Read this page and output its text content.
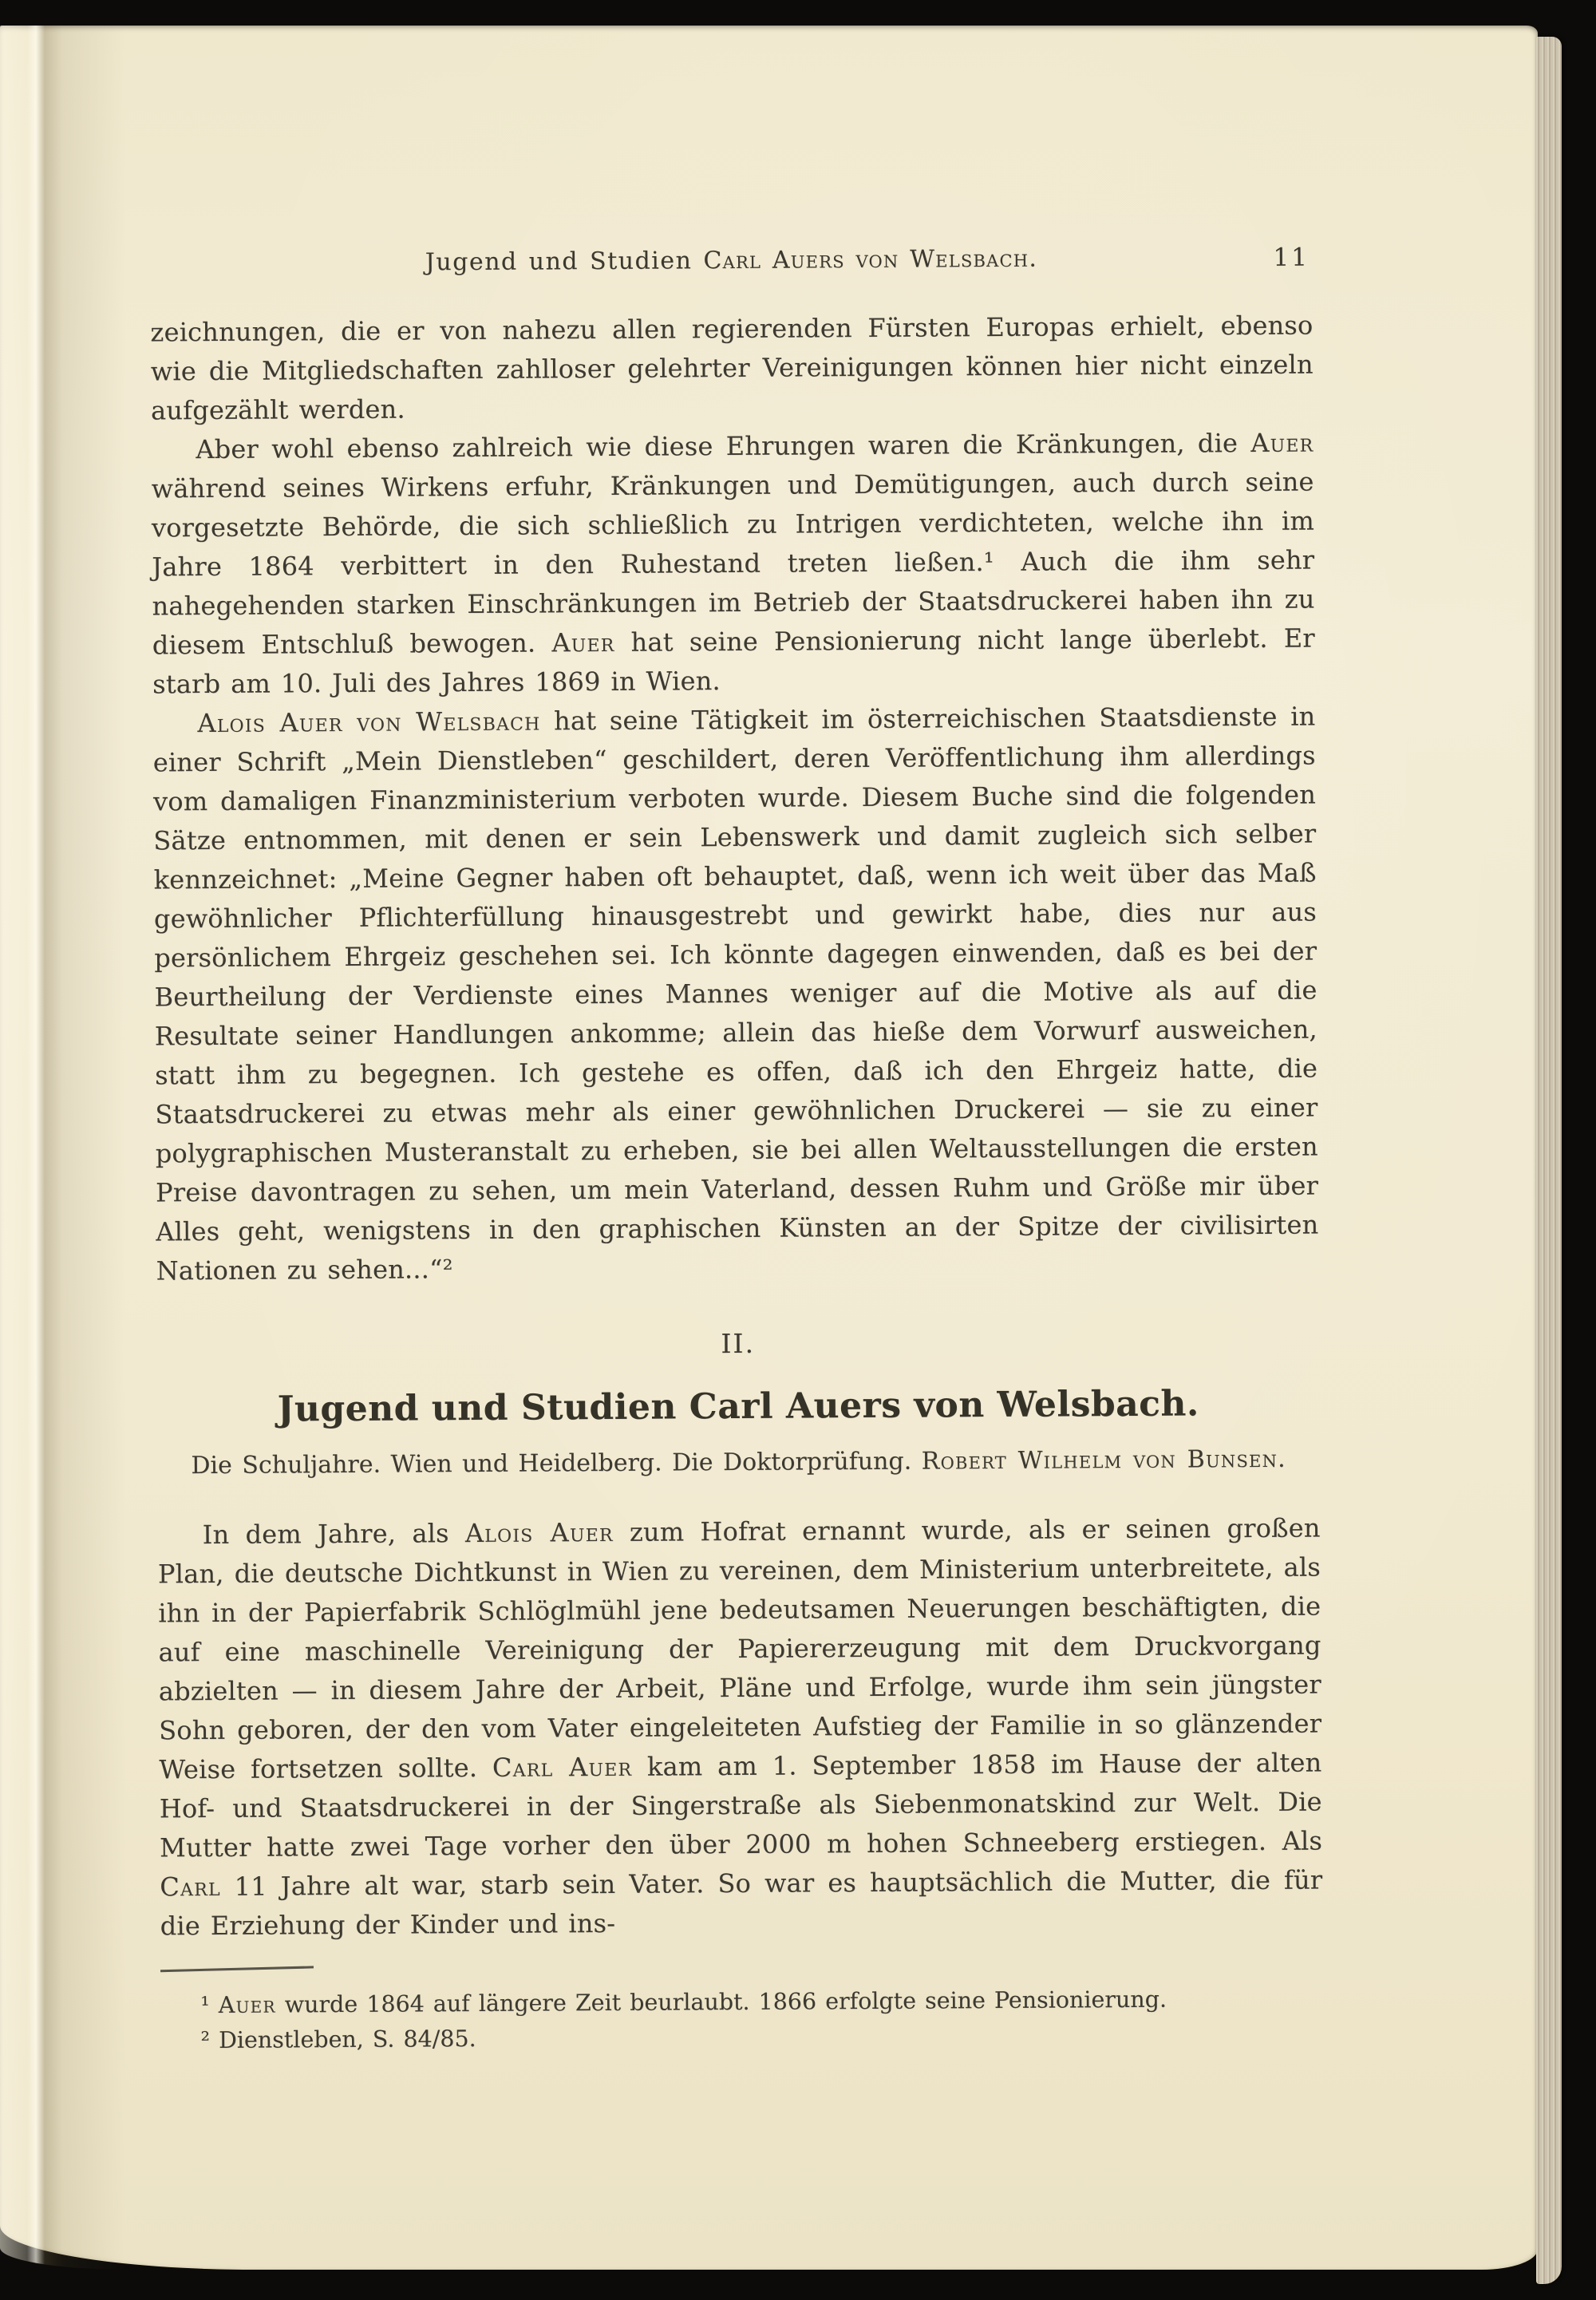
Jugend und Studien Carl Auers von Welsbach.	11

zeichnungen, die er von nahezu allen regierenden Fürsten Europas erhielt, ebenso wie die Mitgliedschaften zahlloser gelehrter Vereinigungen können hier nicht einzeln aufgezählt werden.

Aber wohl ebenso zahlreich wie diese Ehrungen waren die Kränkungen, die Auer während seines Wirkens erfuhr, Kränkungen und Demütigungen, auch durch seine vorgesetzte Behörde, die sich schließlich zu Intrigen verdichteten, welche ihn im Jahre 1864 verbittert in den Ruhestand treten ließen.¹ Auch die ihm sehr nahegehenden starken Einschränkungen im Betrieb der Staatsdruckerei haben ihn zu diesem Entschluß bewogen. Auer hat seine Pensionierung nicht lange überlebt. Er starb am 10. Juli des Jahres 1869 in Wien.

Alois Auer von Welsbach hat seine Tätigkeit im österreichischen Staatsdienste in einer Schrift „Mein Dienstleben“ geschildert, deren Veröffentlichung ihm allerdings vom damaligen Finanzministerium verboten wurde. Diesem Buche sind die folgenden Sätze entnommen, mit denen er sein Lebenswerk und damit zugleich sich selber kennzeichnet: „Meine Gegner haben oft behauptet, daß, wenn ich weit über das Maß gewöhnlicher Pflichterfüllung hinausgestrebt und gewirkt habe, dies nur aus persönlichem Ehrgeiz geschehen sei. Ich könnte dagegen einwenden, daß es bei der Beurtheilung der Verdienste eines Mannes weniger auf die Motive als auf die Resultate seiner Handlungen ankomme; allein das hieße dem Vorwurf ausweichen, statt ihm zu begegnen. Ich gestehe es offen, daß ich den Ehrgeiz hatte, die Staatsdruckerei zu etwas mehr als einer gewöhnlichen Druckerei — sie zu einer polygraphischen Musteranstalt zu erheben, sie bei allen Weltausstellungen die ersten Preise davontragen zu sehen, um mein Vaterland, dessen Ruhm und Größe mir über Alles geht, wenigstens in den graphischen Künsten an der Spitze der civilisirten Nationen zu sehen...“²

II.
Jugend und Studien Carl Auers von Welsbach.
Die Schuljahre. Wien und Heidelberg. Die Doktorprüfung. Robert Wilhelm von Bunsen.

In dem Jahre, als Alois Auer zum Hofrat ernannt wurde, als er seinen großen Plan, die deutsche Dichtkunst in Wien zu vereinen, dem Ministerium unterbreitete, als ihn in der Papierfabrik Schlöglmühl jene bedeutsamen Neuerungen beschäftigten, die auf eine maschinelle Vereinigung der Papiererzeugung mit dem Druckvorgang abzielten — in diesem Jahre der Arbeit, Pläne und Erfolge, wurde ihm sein jüngster Sohn geboren, der den vom Vater eingeleiteten Aufstieg der Familie in so glänzender Weise fortsetzen sollte. Carl Auer kam am 1. September 1858 im Hause der alten Hof- und Staatsdruckerei in der Singerstraße als Siebenmonatskind zur Welt. Die Mutter hatte zwei Tage vorher den über 2000 m hohen Schneeberg erstiegen. Als Carl 11 Jahre alt war, starb sein Vater. So war es hauptsächlich die Mutter, die für die Erziehung der Kinder und ins-

¹ Auer wurde 1864 auf längere Zeit beurlaubt. 1866 erfolgte seine Pensionierung.

² Dienstleben, S. 84/85.
